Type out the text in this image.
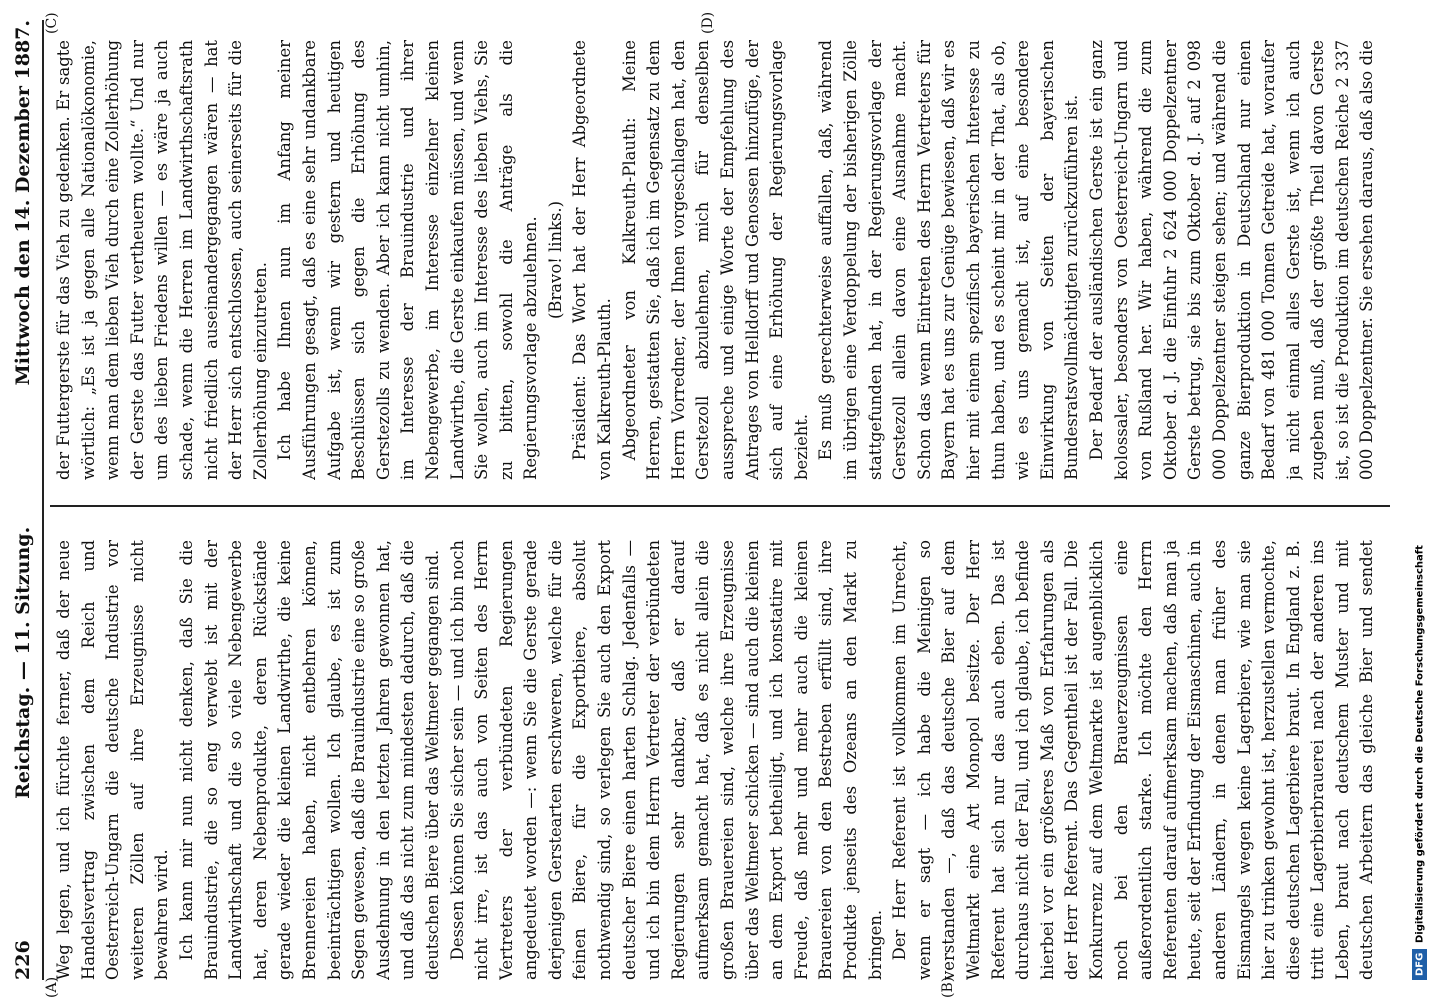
226
Reichstag. — 11. Sitzung.
Mittwoch den 14. Dezember 1887.
(A)	(B)
(C)	(D)

Weg legen, und ich fürchte ferner, daß der neue Handelsvertrag zwischen dem Reich und Oesterreich-Ungarn die deutsche Industrie vor weiteren Zöllen auf ihre Erzeugnisse nicht bewahren wird. Ich kann mir nun nicht denken, daß Sie die Brauindustrie, die so eng verwebt ist mit der Landwirthschaft und die so viele Nebengewerbe hat, deren Nebenprodukte, deren Rückstände gerade wieder die kleinen Landwirthe, die keine Brennereien haben, nicht entbehren können, beeinträchtigen wollen. Ich glaube, es ist zum Segen gewesen, daß die Brauindustrie eine so große Ausdehnung in den letzten Jahren gewonnen hat, und daß das nicht zum mindesten dadurch, daß die deutschen Biere über das Weltmeer gegangen sind. Dessen können Sie sicher sein — und ich bin noch nicht irre, ist das auch von Seiten des Herrn Vertreters der verbündeten Regierungen angedeutet worden —: wenn Sie die Gerste gerade derjenigen Gerstearten erschweren, welche für die feinen Biere, für die Exportbiere, absolut nothwendig sind, so verlegen Sie auch den Export deutscher Biere einen harten Schlag. Jedenfalls — und ich bin dem Herrn Vertreter der verbündeten Regierungen sehr dankbar, daß er darauf aufmerksam gemacht hat, daß es nicht allein die großen Brauereien sind, welche ihre Erzeugnisse über das Weltmeer schicken — sind auch die kleinen an dem Export betheiligt, und ich konstatire mit Freude, daß mehr und mehr auch die kleinen Brauereien von den Bestreben erfüllt sind, ihre Produkte jenseits des Ozeans an den Markt zu bringen. Der Herr Referent ist vollkommen im Unrecht, wenn er sagt — ich habe die Meinigen so verstanden —, daß das deutsche Bier auf dem Weltmarkt eine Art Monopol besitze. Der Herr Referent hat sich nur das auch eben. Das ist durchaus nicht der Fall, und ich glaube, ich befinde hierbei vor ein größeres Maß von Erfahrungen als der Herr Referent. Das Gegentheil ist der Fall. Die Konkurrenz auf dem Weltmarkte ist augenblicklich noch bei den Brauerzeugnissen eine außerordentlich starke. Ich möchte den Herrn Referenten darauf aufmerksam machen, daß man ja heute, seit der Erfindung der Eismaschinen, auch in anderen Ländern, in denen man früher des Eismangels wegen keine Lagerbiere, wie man sie hier zu trinken gewohnt ist, herzustellen vermochte, diese deutschen Lagerbiere braut. In England z. B. tritt eine Lagerbierbrauerei nach der anderen ins Leben, braut nach deutschem Muster und mit deutschen Arbeitern das gleiche Bier und sendet

der Futtergerste für das Vieh zu gedenken. Er sagte wörtlich: „Es ist ja gegen alle Nationalökonomie, wenn man dem lieben Vieh durch eine Zollerhöhung der Gerste das Futter vertheuern wollte.“ Und nur um des lieben Friedens willen — es wäre ja auch schade, wenn die Herren im Landwirthschaftsrath nicht friedlich auseinandergegangen wären — hat der Herr sich entschlossen, auch seinerseits für die Zollerhöhung einzutreten. Ich habe Ihnen nun im Anfang meiner Ausführungen gesagt, daß es eine sehr undankbare Aufgabe ist, wenn wir gestern und heutigen Beschlüssen sich gegen die Erhöhung des Gerstezolls zu wenden. Aber ich kann nicht umhin, im Interesse der Brauindustrie und ihrer Nebengewerbe, im Interesse einzelner kleinen Landwirthe, die Gerste einkaufen müssen, und wenn Sie wollen, auch im Interesse des lieben Viehs, Sie zu bitten, sowohl die Anträge als die Regierungsvorlage abzulehnen. (Bravo! links.) Präsident: Das Wort hat der Herr Abgeordnete von Kalkreuth-Plauth. Abgeordneter von Kalkreuth-Plauth: Meine Herren, gestatten Sie, daß ich im Gegensatz zu dem Herrn Vorredner, der Ihnen vorgeschlagen hat, den Gerstezoll abzulehnen, mich für denselben ausspreche und einige Worte der Empfehlung des Antrages von Helldorff und Genossen hinzufüge, der sich auf eine Erhöhung der Regierungsvorlage bezieht. Es muß gerechterweise auffallen, daß, während im übrigen eine Verdoppelung der bisherigen Zölle stattgefunden hat, in der Regierungsvorlage der Gerstezoll allein davon eine Ausnahme macht. Schon das wenn Eintreten des Herrn Vertreters für Bayern hat es uns zur Genüge bewiesen, daß wir es hier mit einem spezifisch bayerischen Interesse zu thun haben, und es scheint mir in der That, als ob, wie es uns gemacht ist, auf eine besondere Einwirkung von Seiten der bayerischen Bundesratsvollmächtigten zurückzuführen ist. Der Bedarf der ausländischen Gerste ist ein ganz kolossaler, besonders von Oesterreich-Ungarn und von Rußland her. Wir haben, während die zum Oktober d. J. die Einfuhr 2 624 000 Doppelzentner Gerste betrug, sie bis zum Oktober d. J. auf 2 098 000 Doppelzentner steigen sehen; und während die ganze Bierproduktion in Deutschland nur einen Bedarf von 481 000 Tonnen Getreide hat, woraufer ja nicht einmal alles Gerste ist, wenn ich auch zugeben muß, daß der größte Theil davon Gerste ist, so ist die Produktion im deutschen Reiche 2 337 000 Doppelzentner. Sie ersehen daraus, daß also die

DFG
Digitalisierung gefördert durch die Deutsche Forschungsgemeinschaft
